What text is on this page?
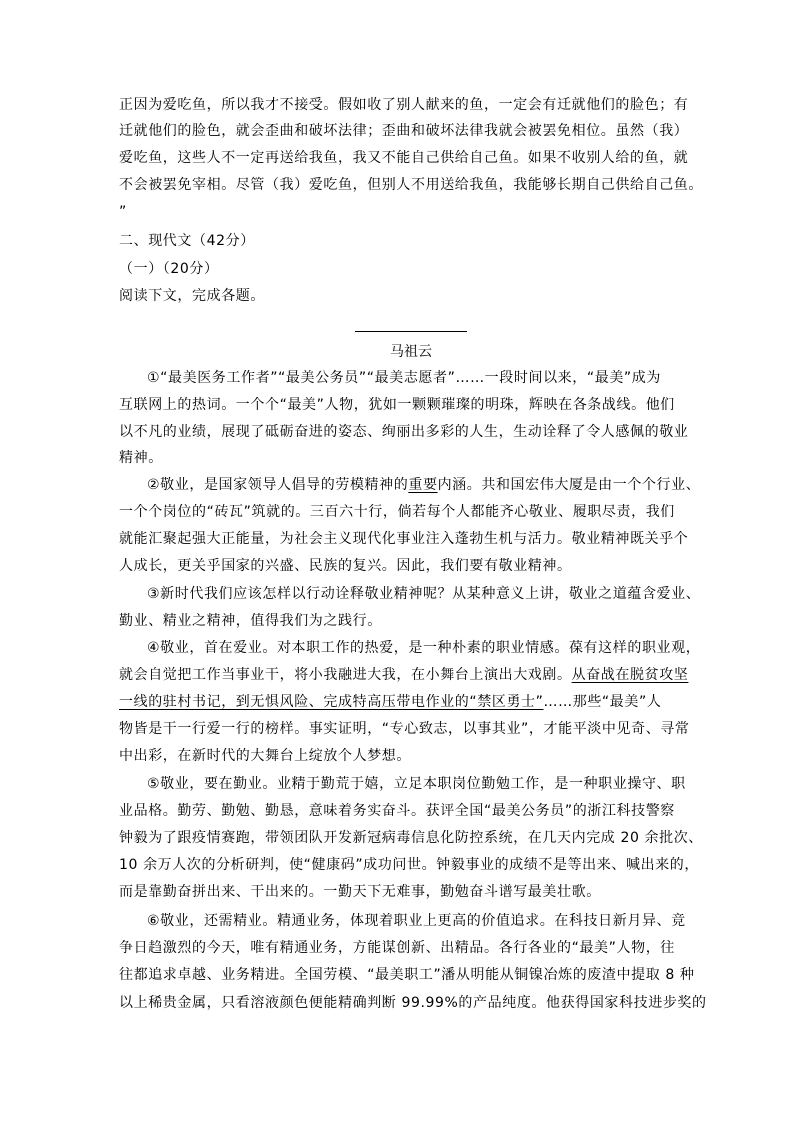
正因为爱吃鱼，所以我才不接受。假如收了别人献来的鱼，一定会有迁就他们的脸色；有
迁就他们的脸色，就会歪曲和破坏法律；歪曲和破坏法律我就会被罢免相位。虽然（我）
爱吃鱼，这些人不一定再送给我鱼，我又不能自己供给自己鱼。如果不收别人给的鱼，就
不会被罢免宰相。尽管（我）爱吃鱼，但别人不用送给我鱼，我能够长期自己供给自己鱼。
”
二、现代文（42分）
（一）（20分）
阅读下文，完成各题。
马祖云
①“最美医务工作者”“最美公务员”“最美志愿者”……一段时间以来，“最美”成为
互联网上的热词。一个个“最美”人物，犹如一颗颗璀璨的明珠，辉映在各条战线。他们
以不凡的业绩，展现了砥砺奋进的姿态、绚丽出多彩的人生，生动诠释了令人感佩的敬业
精神。
②敬业，是国家领导人倡导的劳模精神的重要内涵。共和国宏伟大厦是由一个个行业、
一个个岗位的“砖瓦”筑就的。三百六十行，倘若每个人都能齐心敬业、履职尽责，我们
就能汇聚起强大正能量，为社会主义现代化事业注入蓬勃生机与活力。敬业精神既关乎个
人成长，更关乎国家的兴盛、民族的复兴。因此，我们要有敬业精神。
③新时代我们应该怎样以行动诠释敬业精神呢？从某种意义上讲，敬业之道蕴含爱业、
勤业、精业之精神，值得我们为之践行。
④敬业，首在爱业。对本职工作的热爱，是一种朴素的职业情感。葆有这样的职业观，
就会自觉把工作当事业干，将小我融进大我，在小舞台上演出大戏剧。从奋战在脱贫攻坚
一线的驻村书记，到无惧风险、完成特高压带电作业的“禁区勇士”……那些“最美”人
物皆是干一行爱一行的榜样。事实证明，“专心致志，以事其业”，才能平淡中见奇、寻常
中出彩，在新时代的大舞台上绽放个人梦想。
⑤敬业，要在勤业。业精于勤荒于嬉，立足本职岗位勤勉工作，是一种职业操守、职
业品格。勤劳、勤勉、勤恳，意味着务实奋斗。获评全国“最美公务员”的浙江科技警察
钟毅为了跟疫情赛跑，带领团队开发新冠病毒信息化防控系统，在几天内完成 20 余批次、
10 余万人次的分析研判，使“健康码”成功问世。钟毅事业的成绩不是等出来、喊出来的，
而是靠勤奋拼出来、干出来的。一勤天下无难事，勤勉奋斗谱写最美壮歌。
⑥敬业，还需精业。精通业务，体现着职业上更高的价值追求。在科技日新月异、竞
争日趋激烈的今天，唯有精通业务，方能谋创新、出精品。各行各业的“最美”人物，往
往都追求卓越、业务精进。全国劳模、“最美职工”潘从明能从铜镍冶炼的废渣中提取 8 种
以上稀贵金属，只看溶液颜色便能精确判断 99.99%的产品纯度。他获得国家科技进步奖的
